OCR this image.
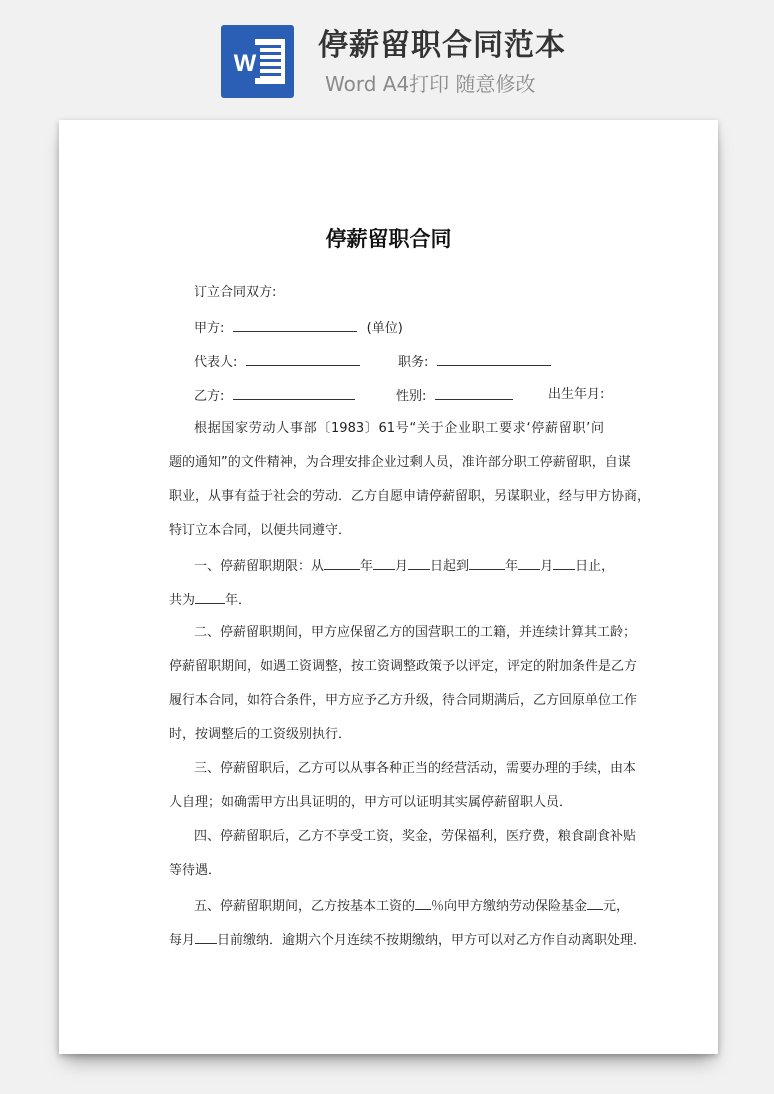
W
停薪留职合同范本
Word A4打印 随意修改
停薪留职合同
订立合同双方:
甲方:	(单位)
代表人:	职务:
乙方:	性别:	出生年月:
根据国家劳动人事部〔1983〕61号“关于企业职工要求‘停薪留职’问
题的通知”的文件精神，为合理安排企业过剩人员，准许部分职工停薪留职，自谋
职业，从事有益于社会的劳动．乙方自愿申请停薪留职，另谋职业，经与甲方协商，
特订立本合同，以便共同遵守．
一、停薪留职期限：从	年 月 日起到	年 月 日止，
共为 年．
二、停薪留职期间，甲方应保留乙方的国营职工的工籍，并连续计算其工龄；
停薪留职期间，如遇工资调整，按工资调整政策予以评定，评定的附加条件是乙方
履行本合同，如符合条件，甲方应予乙方升级，待合同期满后，乙方回原单位工作
时，按调整后的工资级别执行．
三、停薪留职后，乙方可以从事各种正当的经营活动，需要办理的手续，由本
人自理；如确需甲方出具证明的，甲方可以证明其实属停薪留职人员．
四、停薪留职后，乙方不享受工资，奖金，劳保福利，医疗费，粮食副食补贴
等待遇．
五、停薪留职期间，乙方按基本工资的 ％向甲方缴纳劳动保险基金 元，
每月 日前缴纳．逾期六个月连续不按期缴纳，甲方可以对乙方作自动离职处理．
